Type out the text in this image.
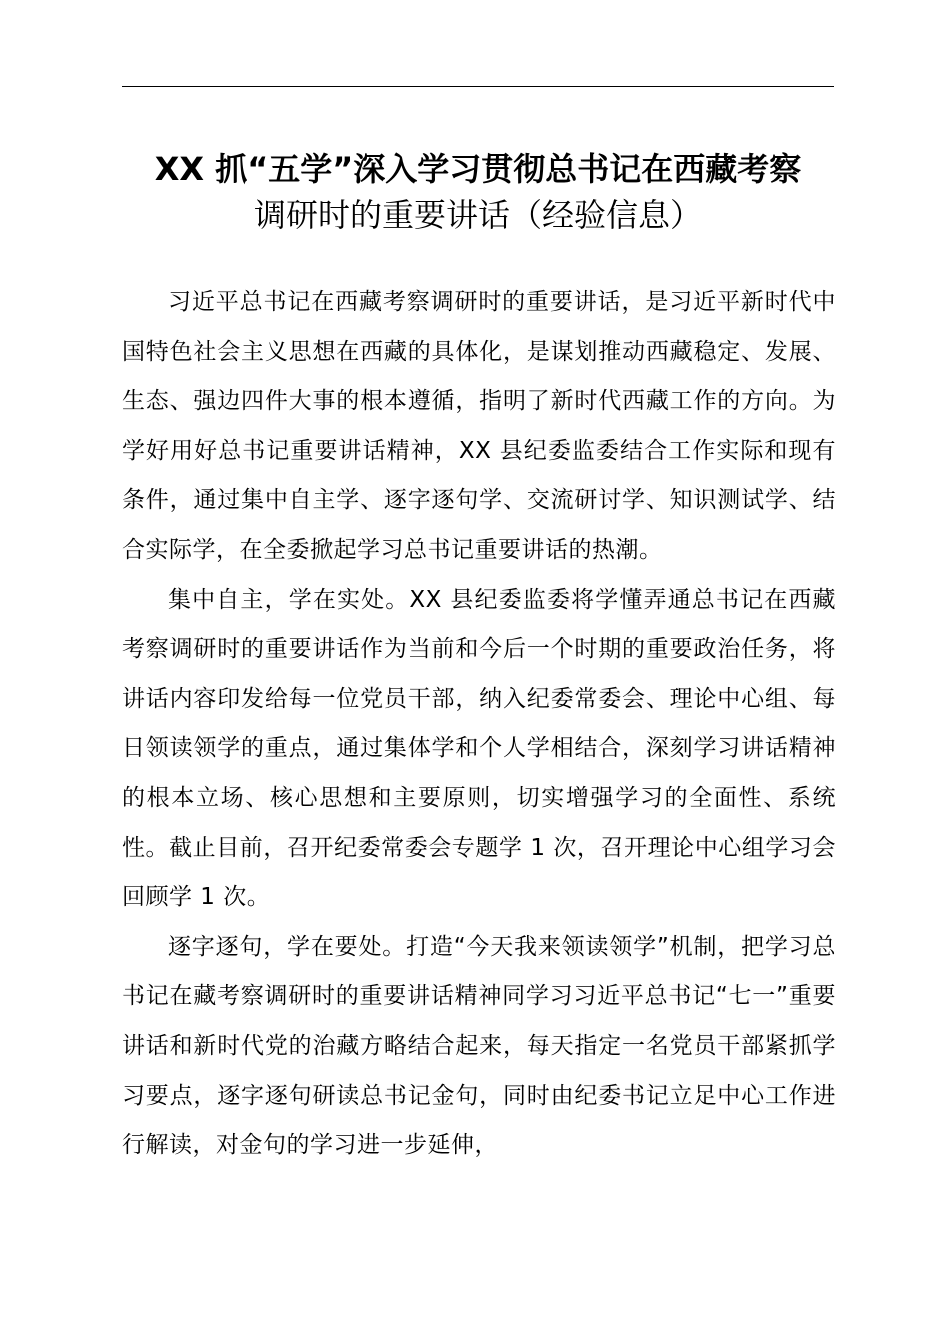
XX 抓“五学”深入学习贯彻总书记在西藏考察
调研时的重要讲话（经验信息）

习近平总书记在西藏考察调研时的重要讲话，是习近平新时代中国特色社会主义思想在西藏的具体化，是谋划推动西藏稳定、发展、生态、强边四件大事的根本遵循，指明了新时代西藏工作的方向。为学好用好总书记重要讲话精神，XX 县纪委监委结合工作实际和现有条件，通过集中自主学、逐字逐句学、交流研讨学、知识测试学、结合实际学，在全委掀起学习总书记重要讲话的热潮。

集中自主，学在实处。XX 县纪委监委将学懂弄通总书记在西藏考察调研时的重要讲话作为当前和今后一个时期的重要政治任务，将讲话内容印发给每一位党员干部，纳入纪委常委会、理论中心组、每日领读领学的重点，通过集体学和个人学相结合，深刻学习讲话精神的根本立场、核心思想和主要原则，切实增强学习的全面性、系统性。截止目前，召开纪委常委会专题学 1 次，召开理论中心组学习会回顾学 1 次。

逐字逐句，学在要处。打造“今天我来领读领学”机制，把学习总书记在藏考察调研时的重要讲话精神同学习习近平总书记“七一”重要讲话和新时代党的治藏方略结合起来，每天指定一名党员干部紧抓学习要点，逐字逐句研读总书记金句，同时由纪委书记立足中心工作进行解读，对金句的学习进一步延伸，
